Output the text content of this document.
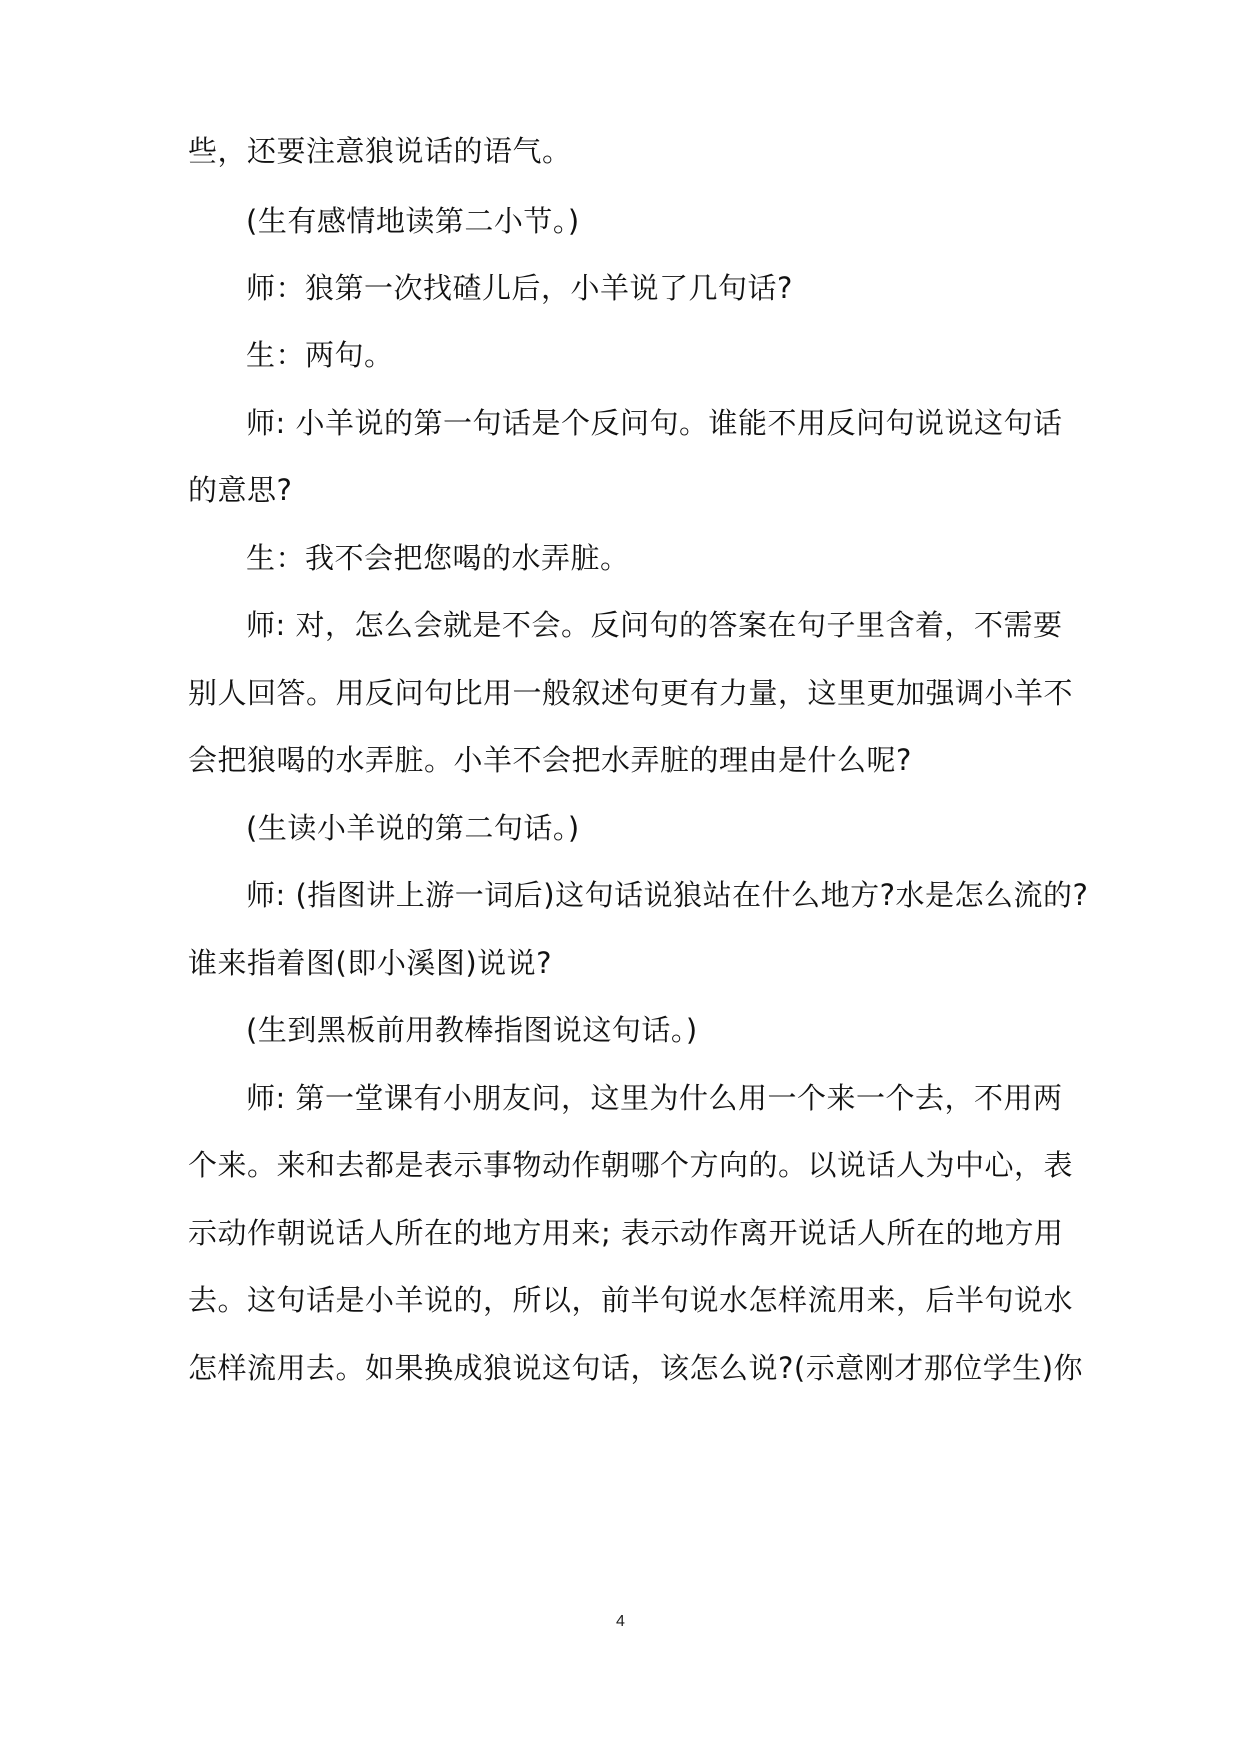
些，还要注意狼说话的语气。
(生有感情地读第二小节。)
师：狼第一次找碴儿后，小羊说了几句话?
生：两句。
师: 小羊说的第一句话是个反问句。谁能不用反问句说说这句话
的意思?
生：我不会把您喝的水弄脏。
师: 对，怎么会就是不会。反问句的答案在句子里含着，不需要
别人回答。用反问句比用一般叙述句更有力量，这里更加强调小羊不
会把狼喝的水弄脏。小羊不会把水弄脏的理由是什么呢?
(生读小羊说的第二句话。)
师: (指图讲上游一词后)这句话说狼站在什么地方?水是怎么流的?
谁来指着图(即小溪图)说说?
(生到黑板前用教棒指图说这句话。)
师: 第一堂课有小朋友问，这里为什么用一个来一个去，不用两
个来。来和去都是表示事物动作朝哪个方向的。以说话人为中心，表
示动作朝说话人所在的地方用来; 表示动作离开说话人所在的地方用
去。这句话是小羊说的，所以，前半句说水怎样流用来，后半句说水
怎样流用去。如果换成狼说这句话，该怎么说?(示意刚才那位学生)你
4
